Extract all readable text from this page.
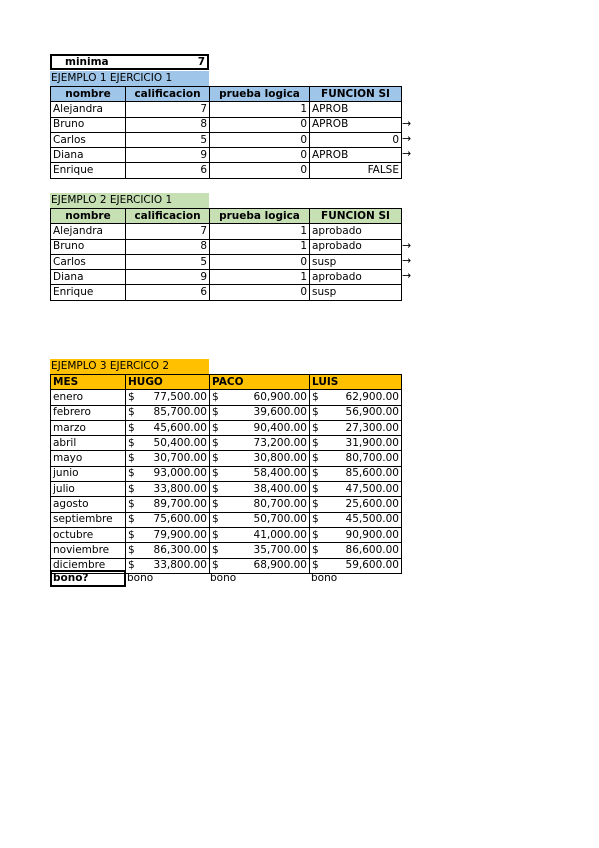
minima	7
EJEMPLO 1 EJERCICIO 1
nombre	calificacion	prueba logica	FUNCION SI
Alejandra	7	1	APROB
Bruno	8	0	APROB
Carlos	5	0	0
Diana	9	0	APROB
Enrique	6	0	FALSE
EJEMPLO 2 EJERCICIO 1
nombre	calificacion	prueba logica	FUNCION SI
Alejandra	7	1	aprobado
Bruno	8	1	aprobado
Carlos	5	0	susp
Diana	9	1	aprobado
Enrique	6	0	susp
EJEMPLO 3 EJERCICO 2
MES	HUGO	PACO	LUIS
enero	$ 77,500.00	$ 60,900.00	$ 62,900.00

febrero	$ 85,700.00	$ 39,600.00	$ 56,900.00

marzo	$ 45,600.00	$ 90,400.00	$ 27,300.00

abril	$ 50,400.00	$ 73,200.00	$ 31,900.00

mayo	$ 30,700.00	$ 30,800.00	$ 80,700.00

junio	$ 93,000.00	$ 58,400.00	$ 85,600.00

julio	$ 33,800.00	$ 38,400.00	$ 47,500.00

agosto	$ 89,700.00	$ 80,700.00	$ 25,600.00

septiembre	$ 75,600.00	$ 50,700.00	$ 45,500.00

octubre	$ 79,900.00	$ 41,000.00	$ 90,900.00

noviembre	$ 86,300.00	$ 35,700.00	$ 86,600.00

diciembre	$ 33,800.00	$ 68,900.00	$ 59,600.00
bono?	bono	bono	bono
→
→
→
→
→
→
